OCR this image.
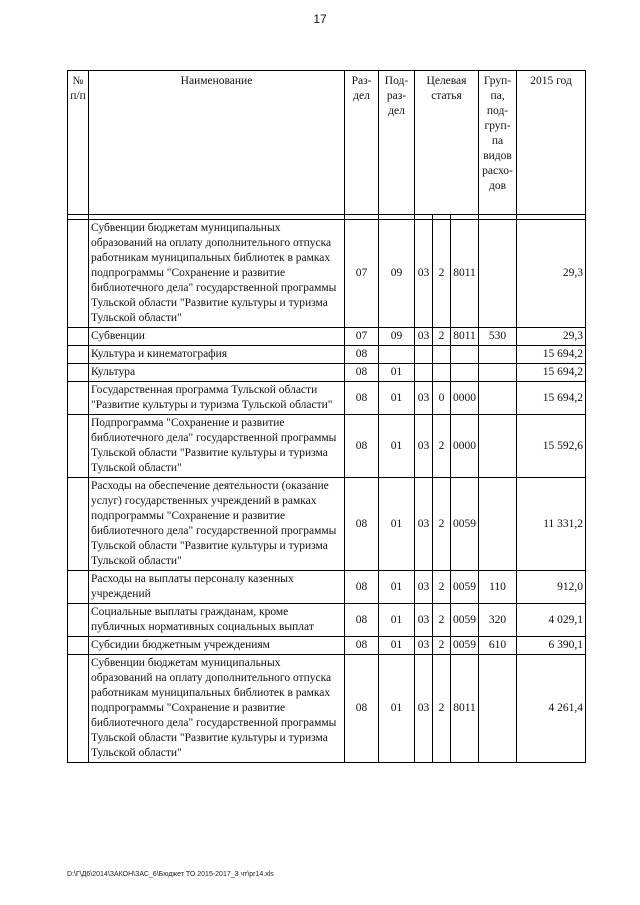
17
№ п/п	Наименование	Раз-дел	Под-раз-дел	Целевая статья			Груп-па, под-груп-па видов расхо-дов	2015 год

	Субвенции бюджетам муниципальных образований на оплату дополнительного отпуска работникам муниципальных библиотек в рамках подпрограммы "Сохранение и развитие библиотечного дела" государственной программы Тульской области "Развитие культуры и туризма Тульской области"	07	09	03	2	8011		29,3
	Субвенции	07	09	03	2	8011	530	29,3
	Культура и кинематография	08						15 694,2
	Культура	08	01					15 694,2
	Государственная программа Тульской области "Развитие культуры и туризма Тульской области"	08	01	03	0	0000		15 694,2
	Подпрограмма "Сохранение и развитие библиотечного дела" государственной программы Тульской области "Развитие культуры и туризма Тульской области"	08	01	03	2	0000		15 592,6
	Расходы на обеспечение деятельности (оказание услуг) государственных учреждений в рамках подпрограммы "Сохранение и развитие библиотечного дела" государственной программы Тульской области "Развитие культуры и туризма Тульской области"	08	01	03	2	0059		11 331,2
	Расходы на выплаты персоналу казенных учреждений	08	01	03	2	0059	110	912,0
	Социальные выплаты гражданам, кроме публичных нормативных социальных выплат	08	01	03	2	0059	320	4 029,1
	Субсидии бюджетным учреждениям	08	01	03	2	0059	610	6 390,1
	Субвенции бюджетам муниципальных образований на оплату дополнительного отпуска работникам муниципальных библиотек в рамках подпрограммы "Сохранение и развитие библиотечного дела" государственной программы Тульской области "Развитие культуры и туризма Тульской области"	08	01	03	2	8011		4 261,4
D:\Г\Д6\2014\ЗАКОН\ЗАС_6\Бюджет ТО 2015-2017_3 чт\pr14.xls
